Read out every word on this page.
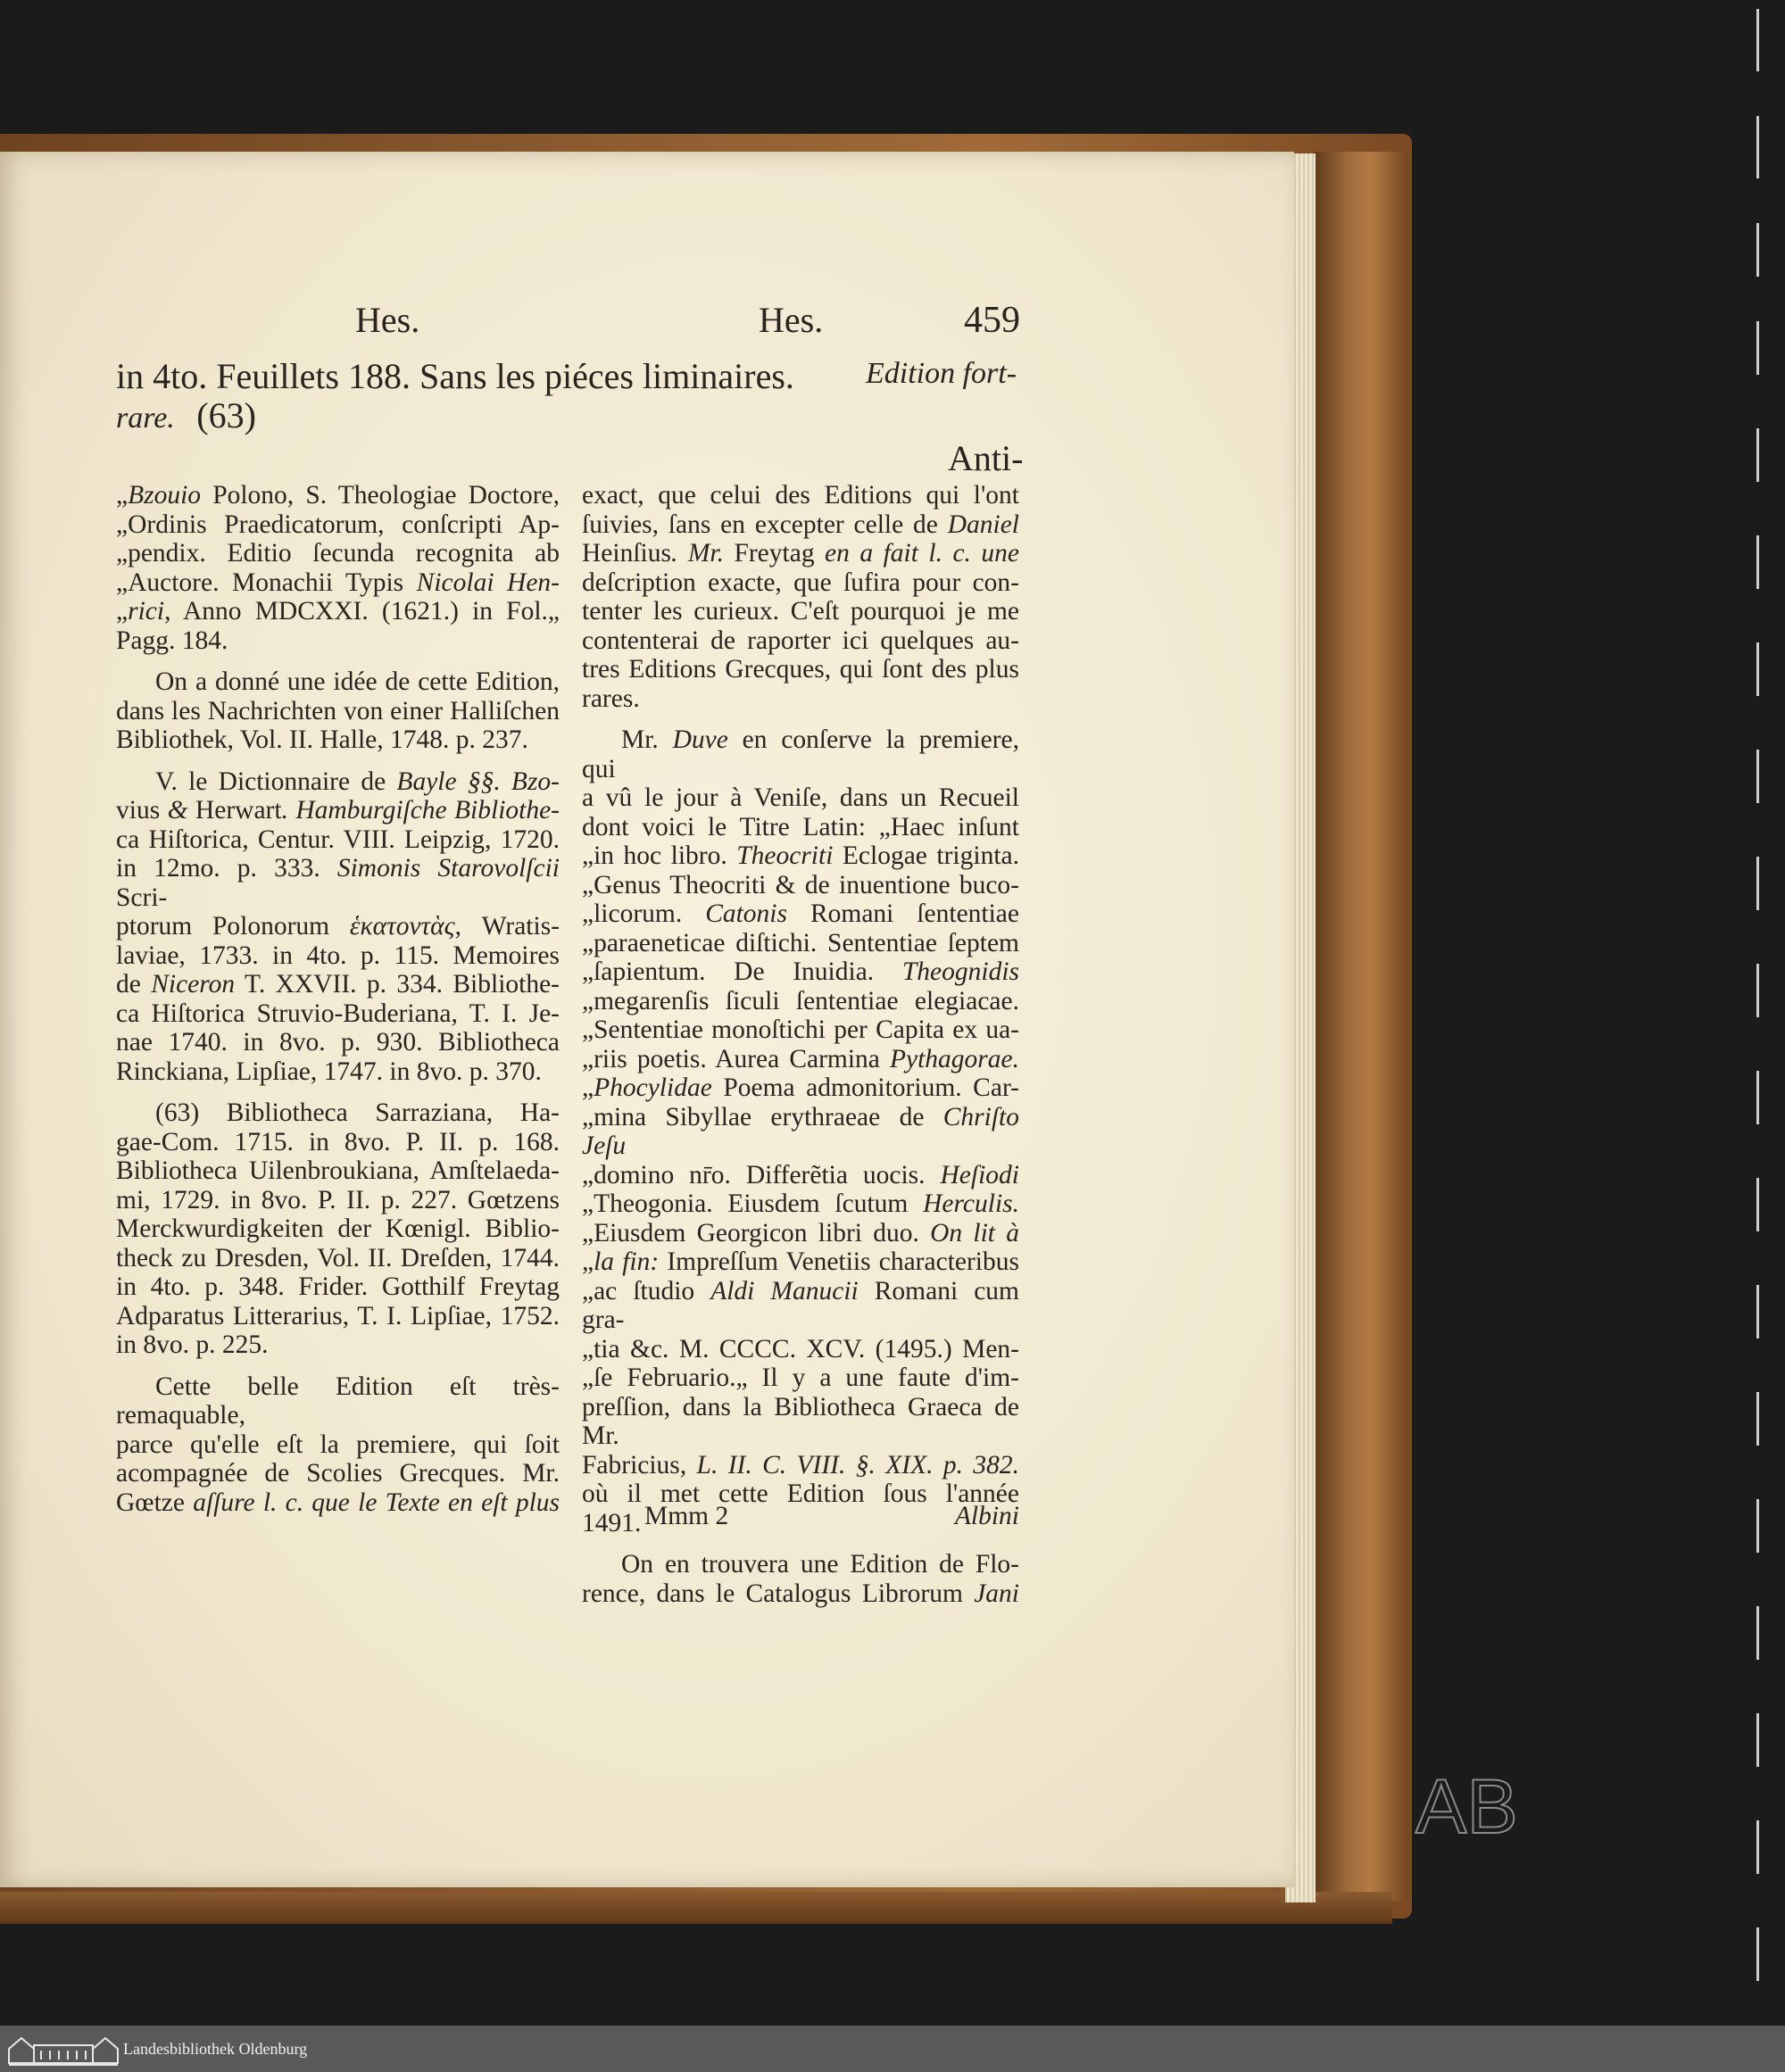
Hes.	Hes.	459
in 4to. Feuillets 188. Sans les piéces liminaires. Edition fort-
rare. (63)
Anti-

„Bzouio Polono, S. Theologiae Doctore,

„Ordinis Praedicatorum, conſcripti Ap-

„pendix. Editio ſecunda recognita ab

„Auctore. Monachii Typis Nicolai Hen-

„rici, Anno MDCXXI. (1621.) in Fol.„

Pagg. 184.

On a donné une idée de cette Edition,

dans les Nachrichten von einer Halliſchen

Bibliothek, Vol. II. Halle, 1748. p. 237.

V. le Dictionnaire de Bayle §§. Bzo-

vius & Herwart. Hamburgiſche Bibliothe-

ca Hiſtorica, Centur. VIII. Leipzig, 1720.

in 12mo. p. 333. Simonis Starovolſcii Scri-

ptorum Polonorum ἑκατοντὰς, Wratis-

laviae, 1733. in 4to. p. 115. Memoires

de Niceron T. XXVII. p. 334. Bibliothe-

ca Hiſtorica Struvio-Buderiana, T. I. Je-

nae 1740. in 8vo. p. 930. Bibliotheca

Rinckiana, Lipſiae, 1747. in 8vo. p. 370.

(63) Bibliotheca Sarraziana, Ha-

gae-Com. 1715. in 8vo. P. II. p. 168.

Bibliotheca Uilenbroukiana, Amſtelaeda-

mi, 1729. in 8vo. P. II. p. 227. Gœtzens

Merckwurdigkeiten der Kœnigl. Biblio-

theck zu Dresden, Vol. II. Dreſden, 1744.

in 4to. p. 348. Frider. Gotthilf Freytag

Adparatus Litterarius, T. I. Lipſiae, 1752.

in 8vo. p. 225.

Cette belle Edition eſt très-remaquable,

parce qu'elle eſt la premiere, qui ſoit

acompagnée de Scolies Grecques. Mr.

Gœtze aſſure l. c. que le Texte en eſt plus

exact, que celui des Editions qui l'ont

ſuivies, ſans en excepter celle de Daniel

Heinſius. Mr. Freytag en a fait l. c. une

deſcription exacte, que ſufira pour con-

tenter les curieux. C'eſt pourquoi je me

contenterai de raporter ici quelques au-

tres Editions Grecques, qui ſont des plus

rares.

Mr. Duve en conſerve la premiere, qui

a vû le jour à Veniſe, dans un Recueil

dont voici le Titre Latin: „Haec inſunt

„in hoc libro. Theocriti Eclogae triginta.

„Genus Theocriti & de inuentione buco-

„licorum. Catonis Romani ſententiae

„paraeneticae diſtichi. Sententiae ſeptem

„ſapientum. De Inuidia. Theognidis

„megarenſis ſiculi ſententiae elegiacae.

„Sententiae monoſtichi per Capita ex ua-

„riis poetis. Aurea Carmina Pythagorae.

„Phocylidae Poema admonitorium. Car-

„mina Sibyllae erythraeae de Chriſto Jeſu

„domino nr̄o. Differẽtia uocis. Heſiodi

„Theogonia. Eiusdem ſcutum Herculis.

„Eiusdem Georgicon libri duo. On lit à

„la fin: Impreſſum Venetiis characteribus

„ac ſtudio Aldi Manucii Romani cum gra-

„tia &c. M. CCCC. XCV. (1495.) Men-

„ſe Februario.„ Il y a une faute d'im-

preſſion, dans la Bibliotheca Graeca de Mr.

Fabricius, L. II. C. VIII. §. XIX. p. 382.

où il met cette Edition ſous l'année

1491.

On en trouvera une Edition de Flo-

rence, dans le Catalogus Librorum Jani

Mmm 2	Albini
AB
Landesbibliothek Oldenburg
